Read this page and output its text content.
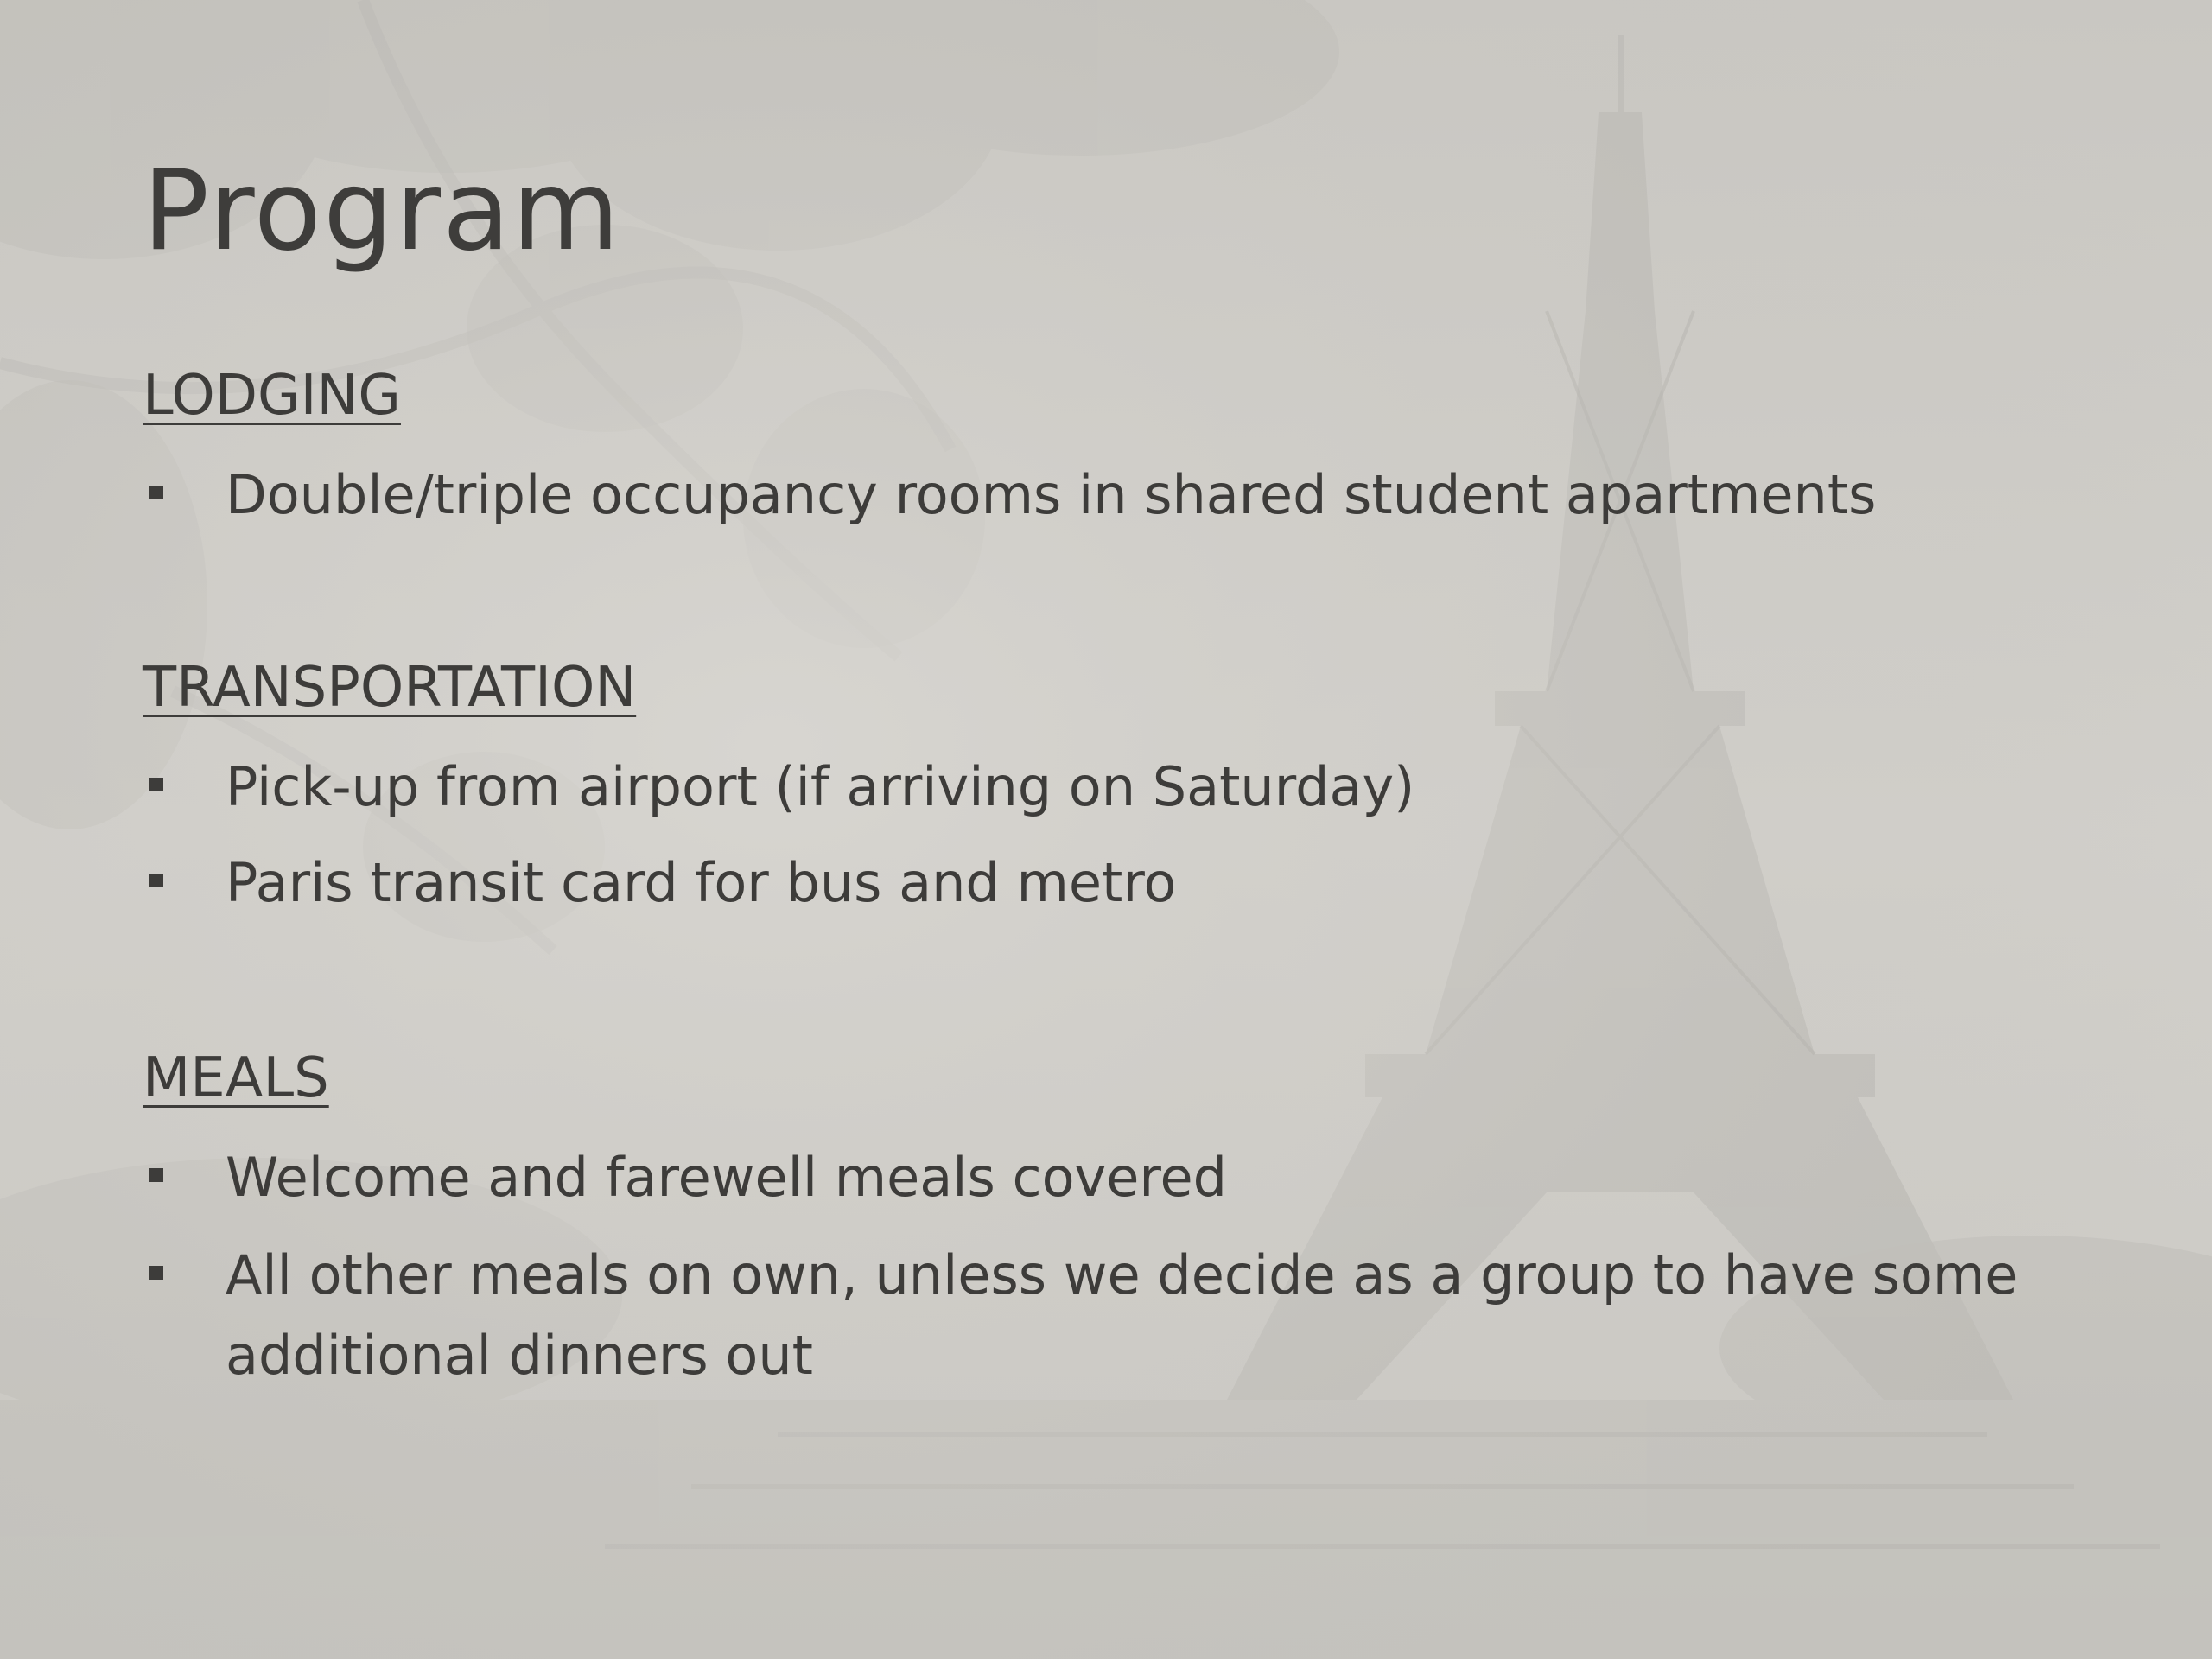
Program
LODGING
Double/triple occupancy rooms in shared student apartments
TRANSPORTATION
Pick-up from airport (if arriving on Saturday)
Paris transit card for bus and metro
MEALS
Welcome and farewell meals covered
All other meals on own, unless we decide as a group to have some additional dinners out
